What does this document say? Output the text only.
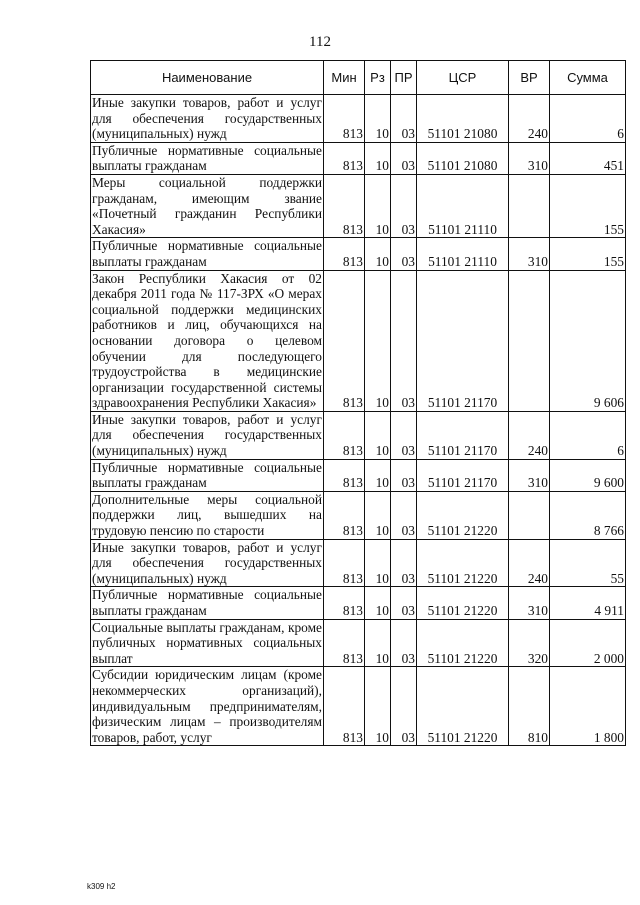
112
Наименование	Мин	Рз	ПР	ЦСР	ВР	Сумма
Иные закупки товаров, работ и услуг для обеспечения государственных (муниципальных) нужд	813	10	03	51101 21080	240	6
Публичные нормативные социальные выплаты гражданам	813	10	03	51101 21080	310	451
Меры социальной поддержки гражданам, имеющим звание «Почетный гражданин Республики Хакасия»	813	10	03	51101 21110		155
Публичные нормативные социальные выплаты гражданам	813	10	03	51101 21110	310	155
Закон Республики Хакасия от 02 декабря 2011 года № 117-ЗРХ «О мерах социальной поддержки медицинских работников и лиц, обучающихся на основании договора о целевом обучении для последующего трудоустройства в медицинские организации государственной системы здравоохранения Республики Хакасия»	813	10	03	51101 21170		9 606
Иные закупки товаров, работ и услуг для обеспечения государственных (муниципальных) нужд	813	10	03	51101 21170	240	6
Публичные нормативные социальные выплаты гражданам	813	10	03	51101 21170	310	9 600
Дополнительные меры социальной поддержки лиц, вышедших на трудовую пенсию по старости	813	10	03	51101 21220		8 766
Иные закупки товаров, работ и услуг для обеспечения государственных (муниципальных) нужд	813	10	03	51101 21220	240	55
Публичные нормативные социальные выплаты гражданам	813	10	03	51101 21220	310	4 911
Социальные выплаты гражданам, кроме публичных нормативных социальных выплат	813	10	03	51101 21220	320	2 000
Субсидии юридическим лицам (кроме некоммерческих организаций), индивидуальным предпринимателям, физическим лицам – производителям товаров, работ, услуг	813	10	03	51101 21220	810	1 800
k309 h2
